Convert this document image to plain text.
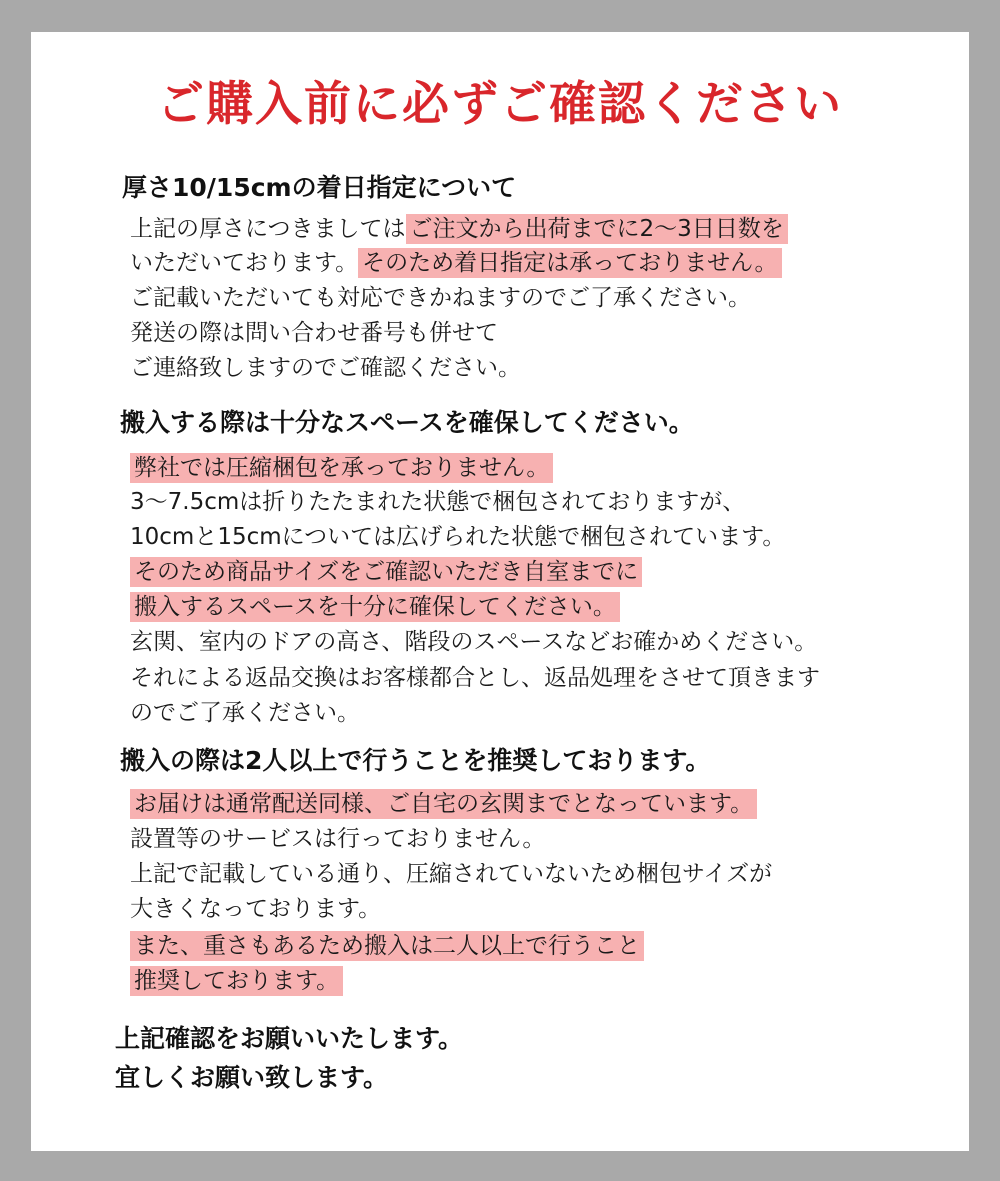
ご購入前に必ずご確認ください
厚さ10/15cmの着日指定について
上記の厚さにつきましては ご注文から出荷までに2〜3日日数を
いただいております。 そのため着日指定は承っておりません。
ご記載いただいても対応できかねますのでご了承ください。
発送の際は問い合わせ番号も併せて
ご連絡致しますのでご確認ください。
搬入する際は十分なスペースを確保してください。
弊社では圧縮梱包を承っておりません。
3〜7.5cmは折りたたまれた状態で梱包されておりますが、
10cmと15cmについては広げられた状態で梱包されています。
そのため商品サイズをご確認いただき自室までに
搬入するスペースを十分に確保してください。
玄関、室内のドアの高さ、階段のスペースなどお確かめください。
それによる返品交換はお客様都合とし、返品処理をさせて頂きます
のでご了承ください。
搬入の際は2人以上で行うことを推奨しております。
お届けは通常配送同様、ご自宅の玄関までとなっています。
設置等のサービスは行っておりません。
上記で記載している通り、圧縮されていないため梱包サイズが
大きくなっております。
また、重さもあるため搬入は二人以上で行うこと
推奨しております。
上記確認をお願いいたします。
宜しくお願い致します。
